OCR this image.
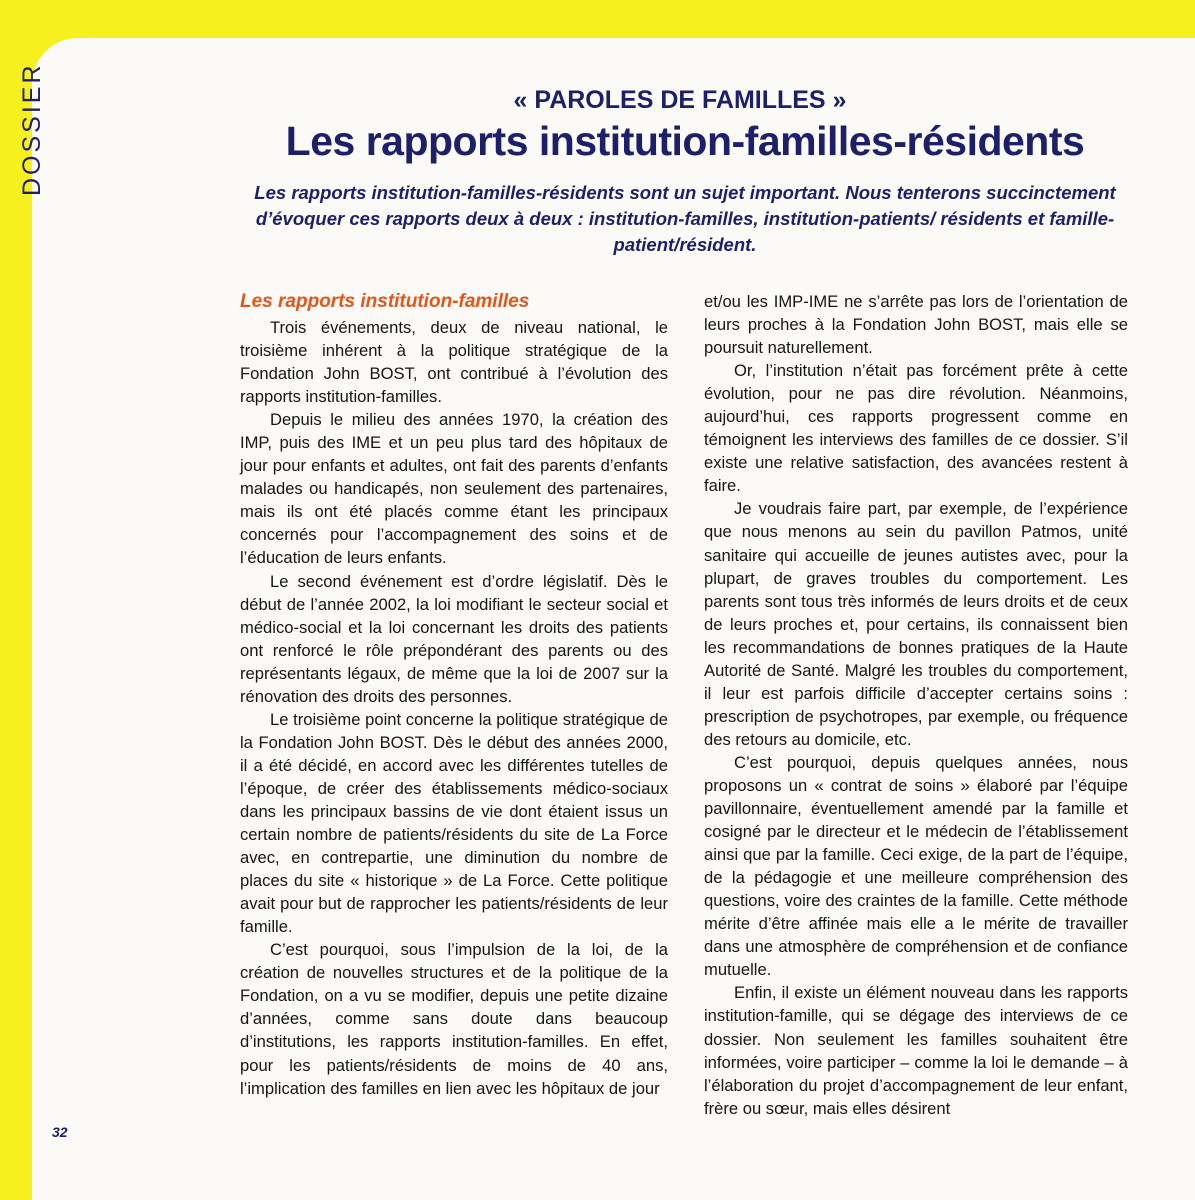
DOSSIER	« PAROLES DE FAMILLES »
Les rapports institution-familles-résidents

Les rapports institution-familles-résidents sont un sujet important. Nous tenterons succinctement d’évoquer ces rapports deux à deux : institution-familles, institution-patients/ résidents et famille-patient/résident.

Les rapports institution-familles

Trois événements, deux de niveau national, le troisième inhérent à la politique stratégique de la Fondation John BOST, ont contribué à l’évolution des rapports institution-familles.

Depuis le milieu des années 1970, la création des IMP, puis des IME et un peu plus tard des hôpitaux de jour pour enfants et adultes, ont fait des parents d’enfants malades ou handicapés, non seulement des partenaires, mais ils ont été placés comme étant les principaux concernés pour l’accompagnement des soins et de l’éducation de leurs enfants.

Le second événement est d’ordre législatif. Dès le début de l’année 2002, la loi modifiant le secteur social et médico-social et la loi concernant les droits des patients ont renforcé le rôle prépondérant des parents ou des représentants légaux, de même que la loi de 2007 sur la rénovation des droits des personnes.

Le troisième point concerne la politique stratégique de la Fondation John BOST. Dès le début des années 2000, il a été décidé, en accord avec les différentes tutelles de l’époque, de créer des établissements médico-sociaux dans les principaux bassins de vie dont étaient issus un certain nombre de patients/résidents du site de La Force avec, en contrepartie, une diminution du nombre de places du site « historique » de La Force. Cette politique avait pour but de rapprocher les patients/résidents de leur famille.

C’est pourquoi, sous l’impulsion de la loi, de la création de nouvelles structures et de la politique de la Fondation, on a vu se modifier, depuis une petite dizaine d’années, comme sans doute dans beaucoup d’institutions, les rapports institution-familles. En effet, pour les patients/résidents de moins de 40 ans, l’implication des familles en lien avec les hôpitaux de jour

et/ou les IMP-IME ne s’arrête pas lors de l’orientation de leurs proches à la Fondation John BOST, mais elle se poursuit naturellement.

Or, l’institution n’était pas forcément prête à cette évolution, pour ne pas dire révolution. Néanmoins, aujourd’hui, ces rapports progressent comme en témoignent les interviews des familles de ce dossier. S’il existe une relative satisfaction, des avancées restent à faire.

Je voudrais faire part, par exemple, de l’expérience que nous menons au sein du pavillon Patmos, unité sanitaire qui accueille de jeunes autistes avec, pour la plupart, de graves troubles du comportement. Les parents sont tous très informés de leurs droits et de ceux de leurs proches et, pour certains, ils connaissent bien les recommandations de bonnes pratiques de la Haute Autorité de Santé. Malgré les troubles du comportement, il leur est parfois difficile d’accepter certains soins : prescription de psychotropes, par exemple, ou fréquence des retours au domicile, etc.

C’est pourquoi, depuis quelques années, nous proposons un « contrat de soins » élaboré par l’équipe pavillonnaire, éventuellement amendé par la famille et cosigné par le directeur et le médecin de l’établissement ainsi que par la famille. Ceci exige, de la part de l’équipe, de la pédagogie et une meilleure compréhension des questions, voire des craintes de la famille. Cette méthode mérite d’être affinée mais elle a le mérite de travailler dans une atmosphère de compréhension et de confiance mutuelle.

Enfin, il existe un élément nouveau dans les rapports institution-famille, qui se dégage des interviews de ce dossier. Non seulement les familles souhaitent être informées, voire participer – comme la loi le demande – à l’élaboration du projet d’accompagnement de leur enfant, frère ou sœur, mais elles désirent

32
